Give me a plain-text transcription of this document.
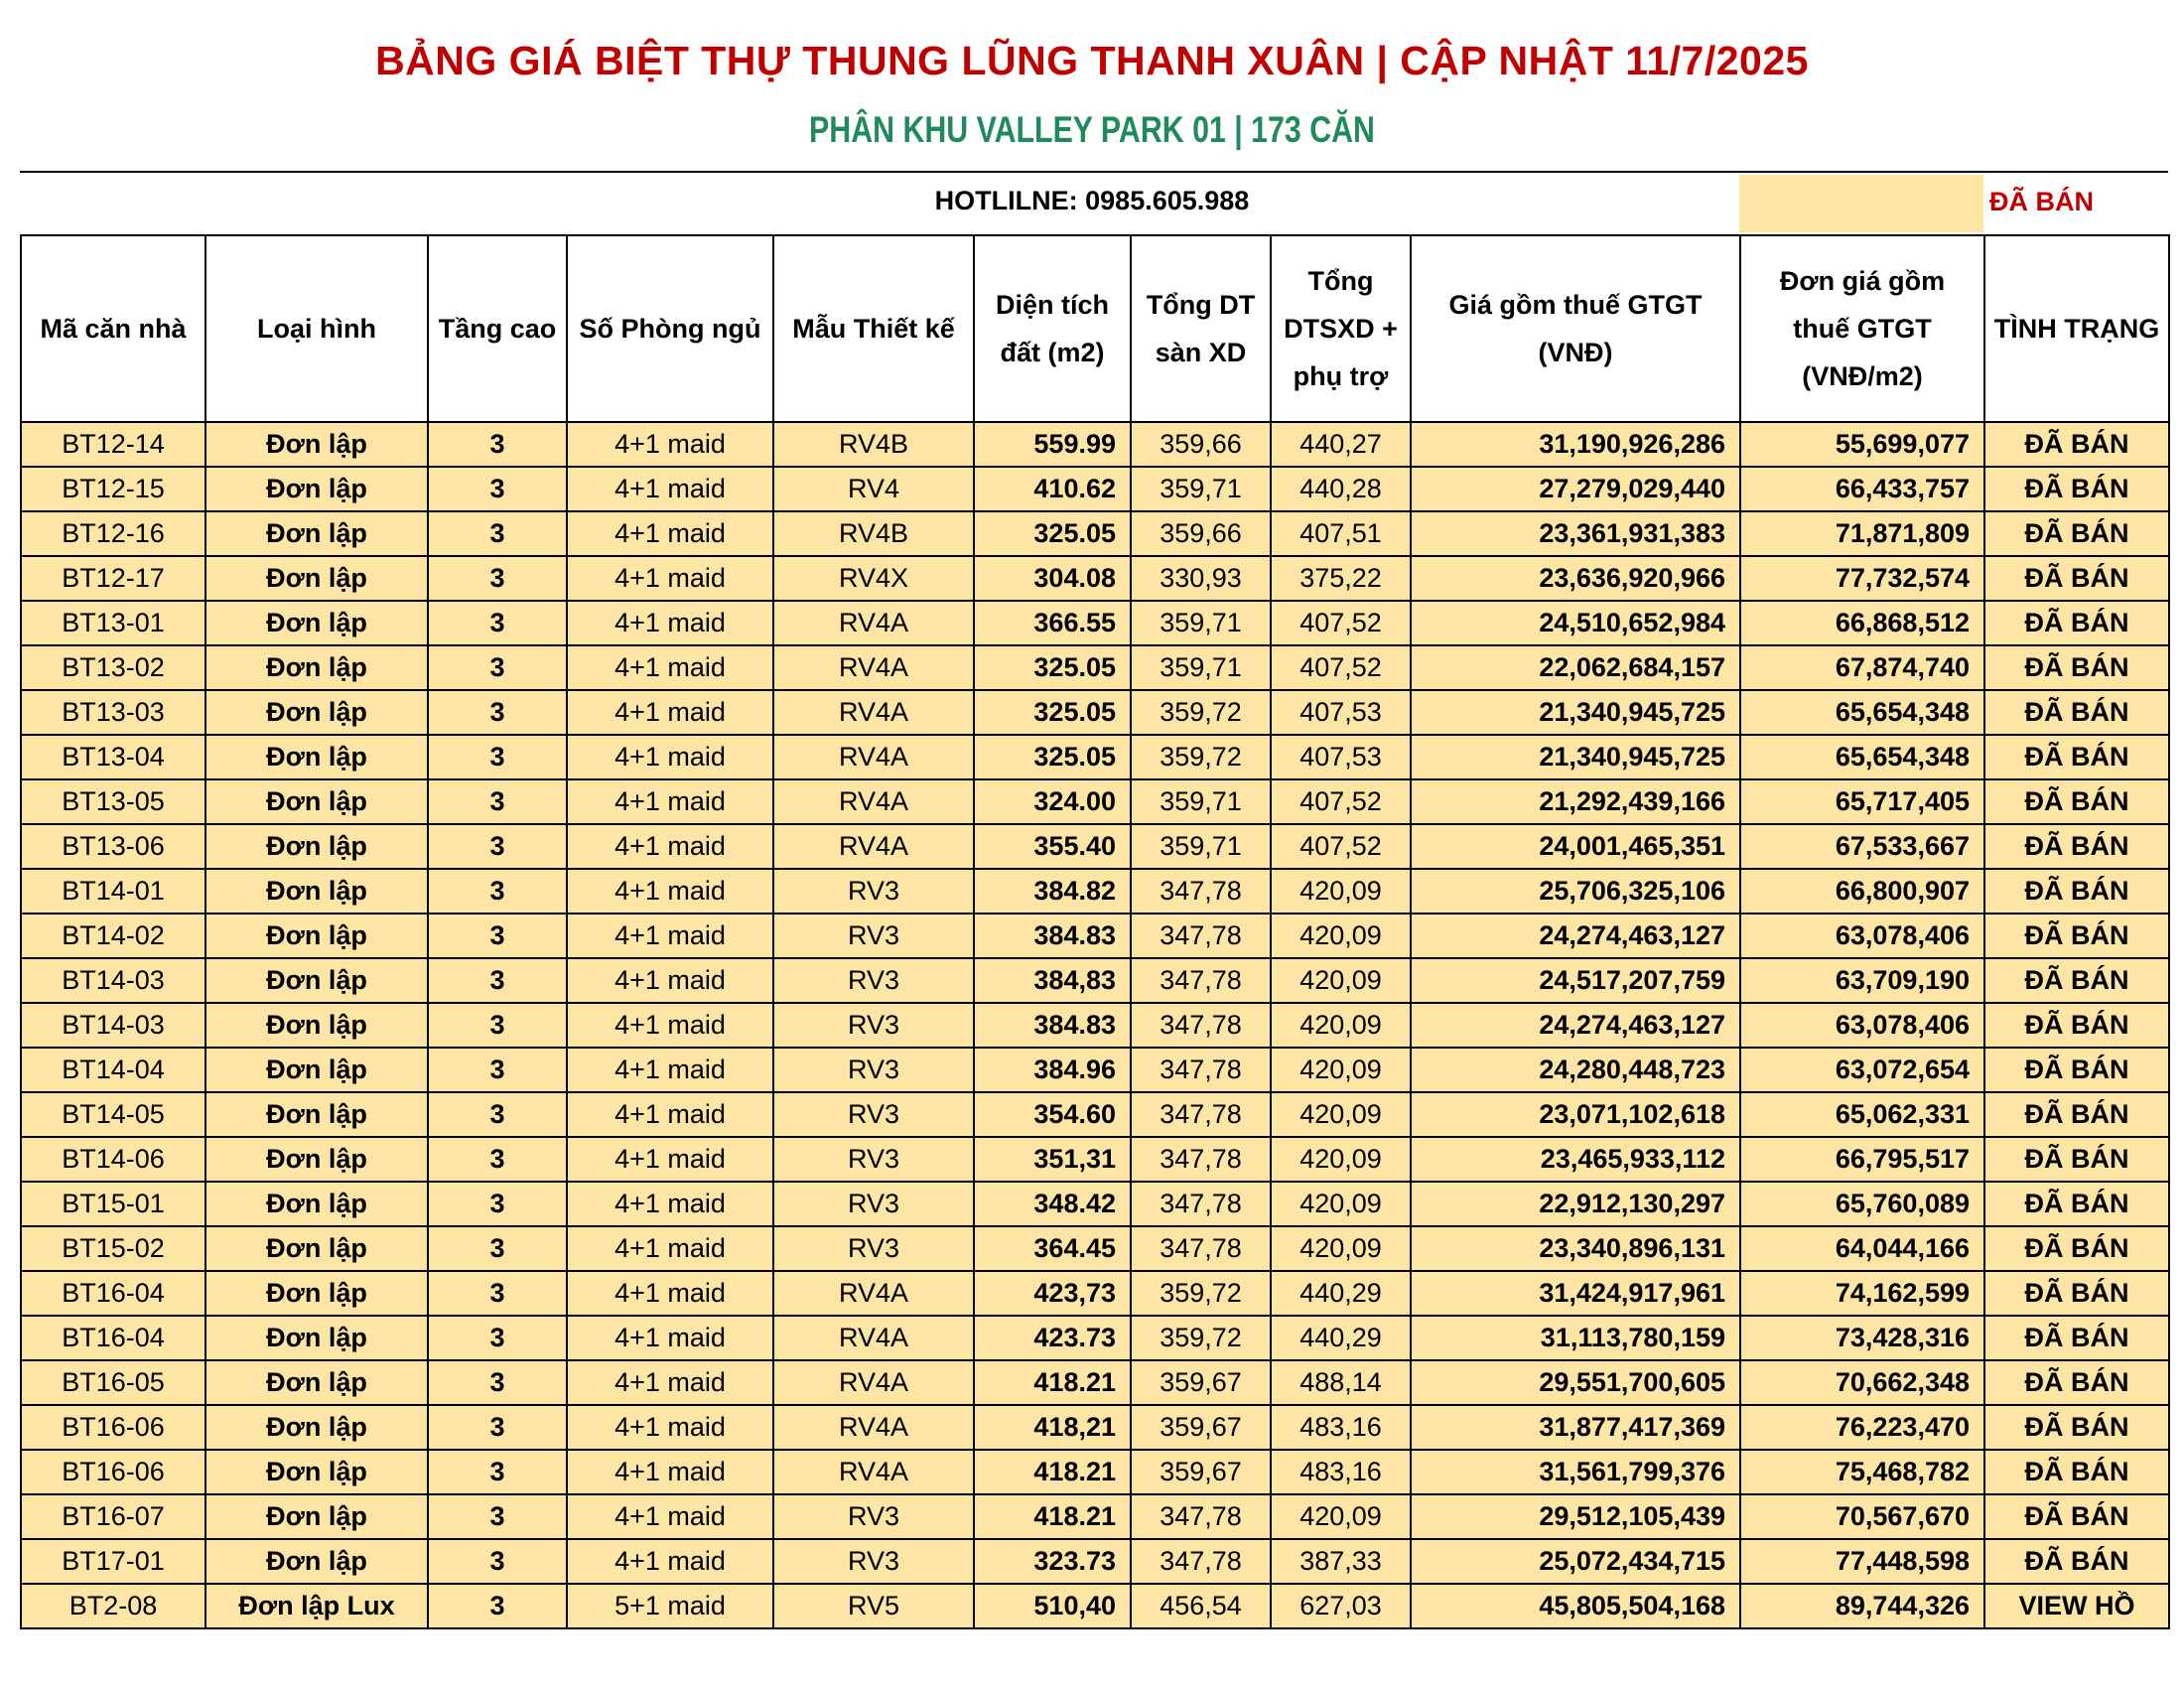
BẢNG GIÁ BIỆT THỰ THUNG LŨNG THANH XUÂN | CẬP NHẬT 11/7/2025
PHÂN KHU VALLEY PARK 01 | 173 CĂN
HOTLILNE: 0985.605.988	ĐÃ BÁN
Mã căn nhà	Loại hình	Tầng cao	Số Phòng ngủ	Mẫu Thiết kế	Diện tích đất (m2)	Tổng DT sàn XD	Tổng DTSXD + phụ trợ	Giá gồm thuế GTGT (VNĐ)	Đơn giá gồm thuế GTGT (VNĐ/m2)	TÌNH TRẠNG
BT12-14	Đơn lập	3	4+1 maid	RV4B	559.99	359,66	440,27	31,190,926,286	55,699,077	ĐÃ BÁN
BT12-15	Đơn lập	3	4+1 maid	RV4	410.62	359,71	440,28	27,279,029,440	66,433,757	ĐÃ BÁN
BT12-16	Đơn lập	3	4+1 maid	RV4B	325.05	359,66	407,51	23,361,931,383	71,871,809	ĐÃ BÁN
BT12-17	Đơn lập	3	4+1 maid	RV4X	304.08	330,93	375,22	23,636,920,966	77,732,574	ĐÃ BÁN
BT13-01	Đơn lập	3	4+1 maid	RV4A	366.55	359,71	407,52	24,510,652,984	66,868,512	ĐÃ BÁN
BT13-02	Đơn lập	3	4+1 maid	RV4A	325.05	359,71	407,52	22,062,684,157	67,874,740	ĐÃ BÁN
BT13-03	Đơn lập	3	4+1 maid	RV4A	325.05	359,72	407,53	21,340,945,725	65,654,348	ĐÃ BÁN
BT13-04	Đơn lập	3	4+1 maid	RV4A	325.05	359,72	407,53	21,340,945,725	65,654,348	ĐÃ BÁN
BT13-05	Đơn lập	3	4+1 maid	RV4A	324.00	359,71	407,52	21,292,439,166	65,717,405	ĐÃ BÁN
BT13-06	Đơn lập	3	4+1 maid	RV4A	355.40	359,71	407,52	24,001,465,351	67,533,667	ĐÃ BÁN
BT14-01	Đơn lập	3	4+1 maid	RV3	384.82	347,78	420,09	25,706,325,106	66,800,907	ĐÃ BÁN
BT14-02	Đơn lập	3	4+1 maid	RV3	384.83	347,78	420,09	24,274,463,127	63,078,406	ĐÃ BÁN
BT14-03	Đơn lập	3	4+1 maid	RV3	384,83	347,78	420,09	24,517,207,759	63,709,190	ĐÃ BÁN
BT14-03	Đơn lập	3	4+1 maid	RV3	384.83	347,78	420,09	24,274,463,127	63,078,406	ĐÃ BÁN
BT14-04	Đơn lập	3	4+1 maid	RV3	384.96	347,78	420,09	24,280,448,723	63,072,654	ĐÃ BÁN
BT14-05	Đơn lập	3	4+1 maid	RV3	354.60	347,78	420,09	23,071,102,618	65,062,331	ĐÃ BÁN
BT14-06	Đơn lập	3	4+1 maid	RV3	351,31	347,78	420,09	23,465,933,112	66,795,517	ĐÃ BÁN
BT15-01	Đơn lập	3	4+1 maid	RV3	348.42	347,78	420,09	22,912,130,297	65,760,089	ĐÃ BÁN
BT15-02	Đơn lập	3	4+1 maid	RV3	364.45	347,78	420,09	23,340,896,131	64,044,166	ĐÃ BÁN
BT16-04	Đơn lập	3	4+1 maid	RV4A	423,73	359,72	440,29	31,424,917,961	74,162,599	ĐÃ BÁN
BT16-04	Đơn lập	3	4+1 maid	RV4A	423.73	359,72	440,29	31,113,780,159	73,428,316	ĐÃ BÁN
BT16-05	Đơn lập	3	4+1 maid	RV4A	418.21	359,67	488,14	29,551,700,605	70,662,348	ĐÃ BÁN
BT16-06	Đơn lập	3	4+1 maid	RV4A	418,21	359,67	483,16	31,877,417,369	76,223,470	ĐÃ BÁN
BT16-06	Đơn lập	3	4+1 maid	RV4A	418.21	359,67	483,16	31,561,799,376	75,468,782	ĐÃ BÁN
BT16-07	Đơn lập	3	4+1 maid	RV3	418.21	347,78	420,09	29,512,105,439	70,567,670	ĐÃ BÁN
BT17-01	Đơn lập	3	4+1 maid	RV3	323.73	347,78	387,33	25,072,434,715	77,448,598	ĐÃ BÁN
BT2-08	Đơn lập Lux	3	5+1 maid	RV5	510,40	456,54	627,03	45,805,504,168	89,744,326	VIEW HỒ
